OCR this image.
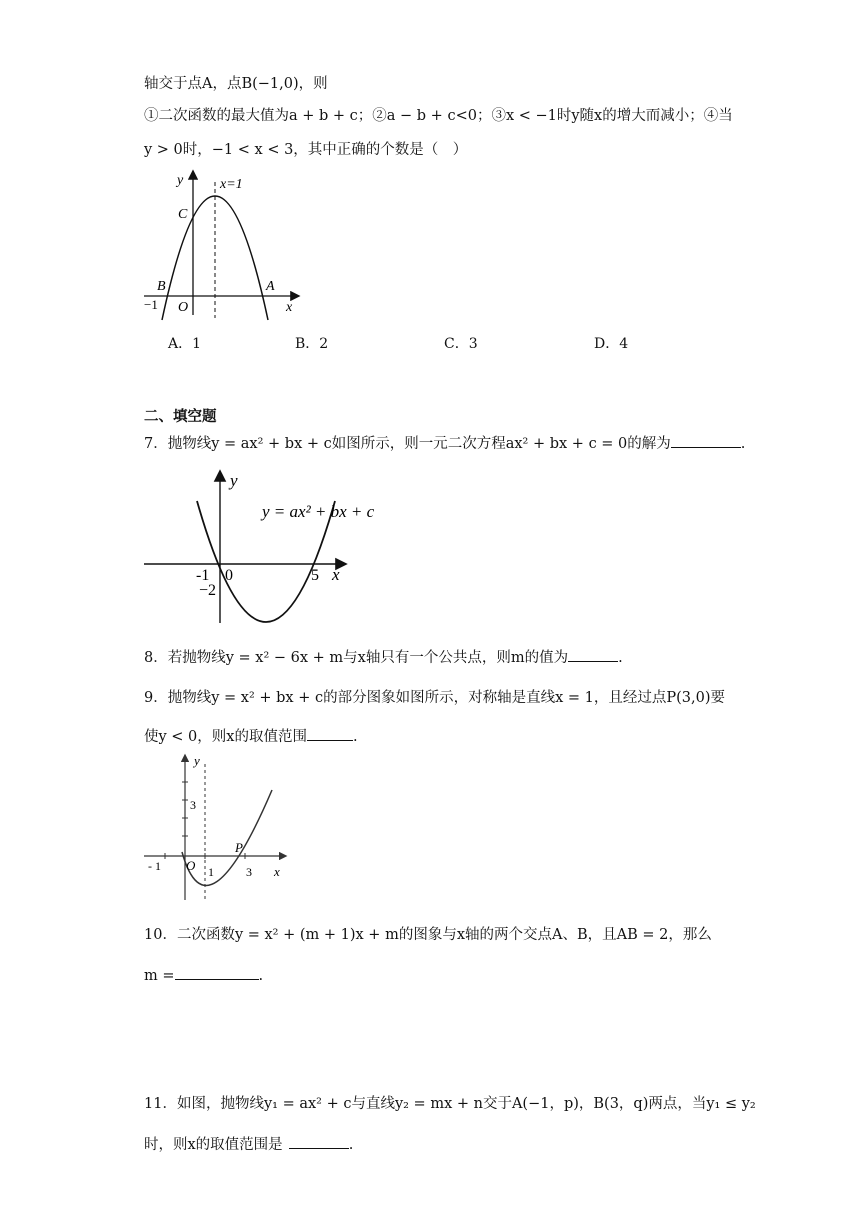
轴交于点A，点B(−1,0)，则
①二次函数的最大值为a + b + c；②a − b + c<0；③x < −1时y随x的增大而减小；④当
y > 0时，−1 < x < 3，其中正确的个数是（　）
y	x=1
C
B	A
−1 O	x
A．1	B．2	C．3	D．4
二、填空题
7．抛物线y = ax² + bx + c如图所示，则一元二次方程ax² + bx + c = 0的解为	.
y
y = ax² + bx + c
-1 0	5
−2
x
8．若抛物线y = x² − 6x + m与x轴只有一个公共点，则m的值为	.
9．抛物线y = x² + bx + c的部分图象如图所示，对称轴是直线x = 1，且经过点P(3,0)要
使y < 0，则x的取值范围	.
y
3
P
- 1 O 1	3 x
10．二次函数y = x² + (m + 1)x + m的图象与x轴的两个交点A、B，且AB = 2，那么
m =	.
11．如图，抛物线y₁ = ax² + c与直线y₂ = mx + n交于A(−1，p)，B(3，q)两点，当y₁ ≤ y₂
时，则x的取值范围是	.
